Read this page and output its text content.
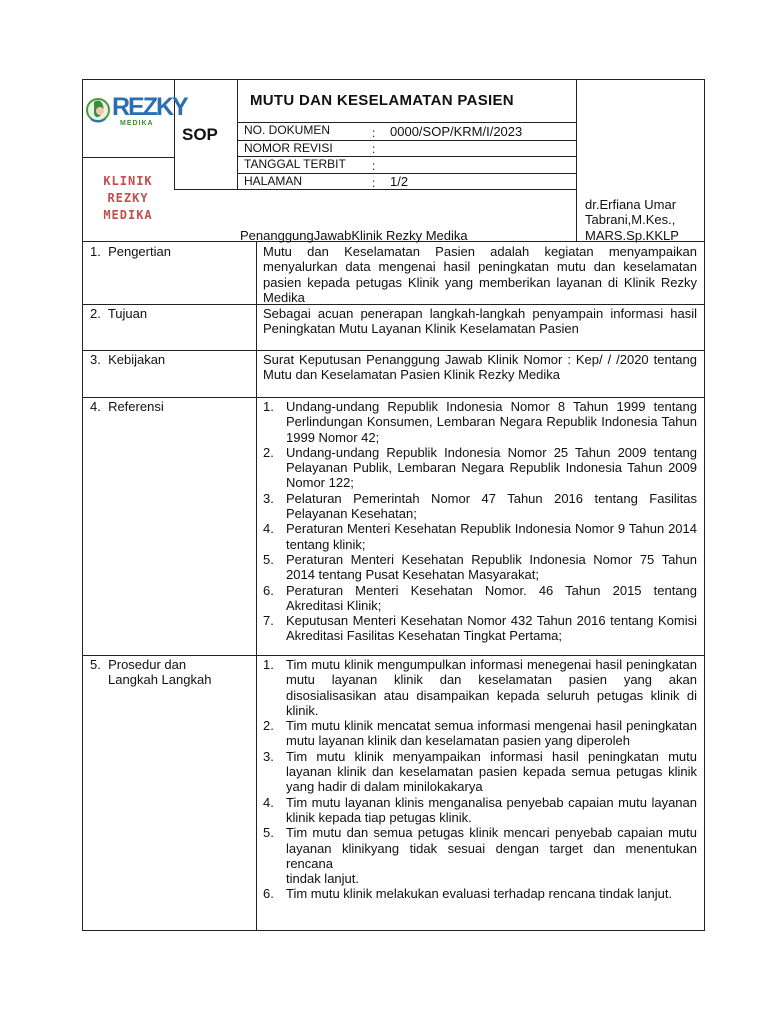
REZKY
MEDIKA
KLINIK
REZKY
MEDIKA
SOP
MUTU DAN KESELAMATAN PASIEN
NO. DOKUMEN	: 0000/SOP/KRM/I/2023
NOMOR REVISI	:
TANGGAL TERBIT :
HALAMAN	: 1/2
PenanggungJawabKlinik Rezky Medika
dr.Erfiana Umar
Tabrani,M.Kes.,
MARS.Sp.KKLP
1.  Pengertian	Mutu dan Keselamatan Pasien adalah kegiatan menyampaikan menyalurkan data mengenai hasil peningkatan mutu dan keselamatan pasien kepada petugas Klinik yang memberikan layanan di Klinik Rezky Medika
2.  Tujuan	Sebagai acuan penerapan langkah-langkah penyampain informasi hasil Peningkatan Mutu Layanan Klinik Keselamatan Pasien
3.  Kebijakan	Surat Keputusan Penanggung Jawab Klinik Nomor : Kep/ / /2020 tentang Mutu dan Keselamatan Pasien Klinik Rezky Medika
4.  Referensi	1. Undang-undang Republik Indonesia Nomor 8 Tahun 1999 tentang Perlindungan Konsumen, Lembaran Negara Republik Indonesia Tahun 1999 Nomor 42;
2. Undang-undang Republik Indonesia Nomor 25 Tahun 2009 tentang Pelayanan Publik, Lembaran Negara Republik Indonesia Tahun 2009 Nomor 122;
3. Pelaturan Pemerintah Nomor 47 Tahun 2016 tentang Fasilitas Pelayanan Kesehatan;
4. Peraturan Menteri Kesehatan Republik Indonesia Nomor 9 Tahun 2014 tentang klinik;
5. Peraturan Menteri Kesehatan Republik Indonesia Nomor 75 Tahun 2014 tentang Pusat Kesehatan Masyarakat;
6. Peraturan Menteri Kesehatan Nomor. 46 Tahun 2015 tentang Akreditasi Klinik;
7. Keputusan Menteri Kesehatan Nomor 432 Tahun 2016 tentang Komisi Akreditasi Fasilitas Kesehatan Tingkat Pertama;
5.  Prosedur dan
Langkah Langkah
1. Tim mutu klinik mengumpulkan informasi menegenai hasil peningkatan mutu layanan klinik dan keselamatan pasien yang akan disosialisasikan atau disampaikan kepada seluruh petugas klinik di klinik.
2. Tim mutu klinik mencatat semua informasi mengenai hasil peningkatan mutu layanan klinik dan keselamatan pasien yang diperoleh
3. Tim mutu klinik menyampaikan informasi hasil peningkatan mutu layanan klinik dan keselamatan pasien kepada semua petugas klinik yang hadir di dalam minilokakarya
4. Tim mutu layanan klinis menganalisa penyebab capaian mutu layanan klinik kepada tiap petugas klinik.
5. Tim mutu dan semua petugas klinik mencari penyebab capaian mutu layanan klinikyang tidak sesuai dengan target dan menentukan rencana
tindak lanjut.
6. Tim mutu klinik melakukan evaluasi terhadap rencana tindak lanjut.
